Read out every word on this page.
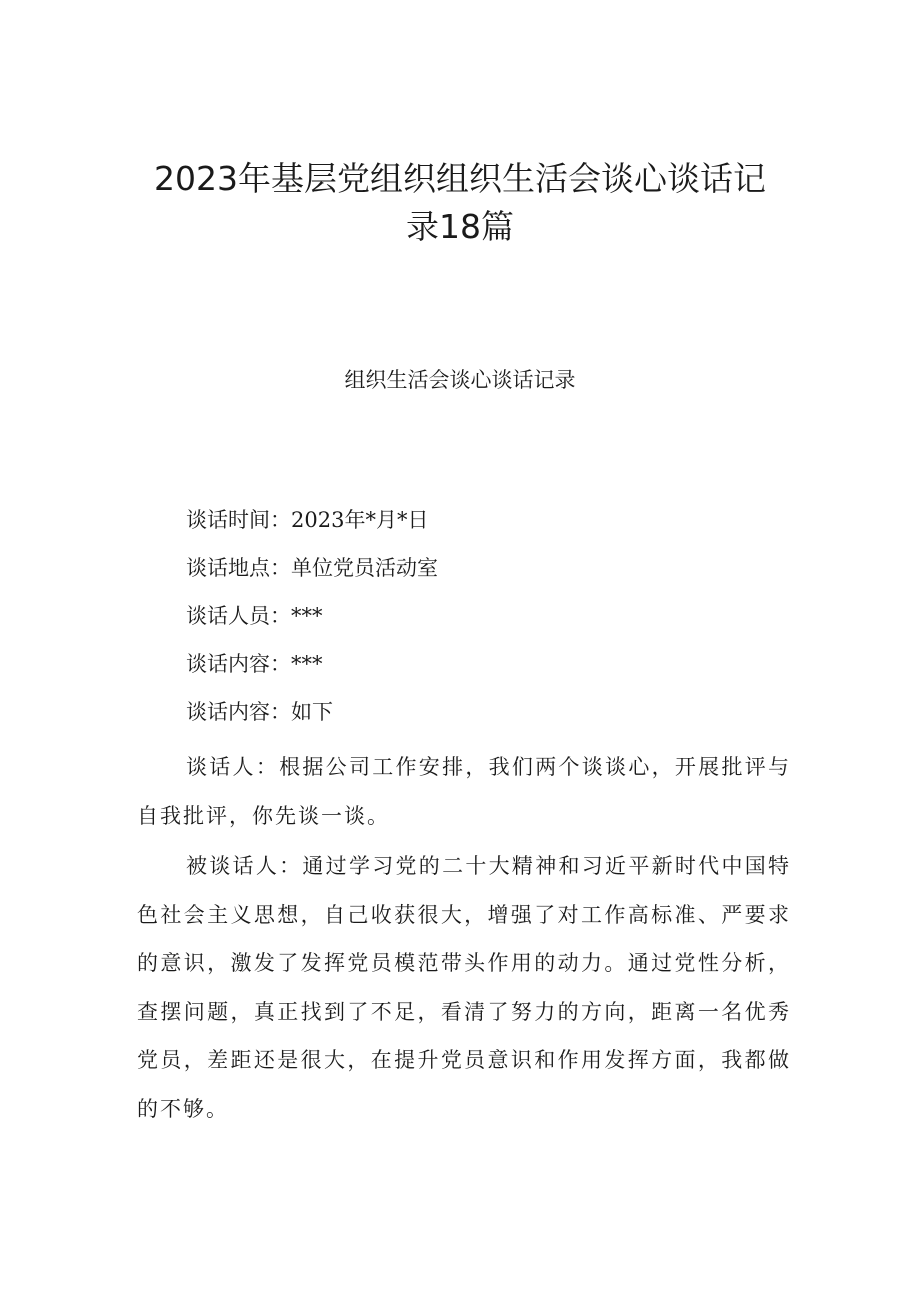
2023年基层党组织组织生活会谈心谈话记
录18篇
组织生活会谈心谈话记录
谈话时间：2023年*月*日
谈话地点：单位党员活动室
谈话人员：***
谈话内容：***
谈话内容：如下

谈话人：根据公司工作安排，我们两个谈谈心，开展批评与自我批评，你先谈一谈。

被谈话人：通过学习党的二十大精神和习近平新时代中国特色社会主义思想，自己收获很大，增强了对工作高标准、严要求的意识，激发了发挥党员模范带头作用的动力。通过党性分析，查摆问题，真正找到了不足，看清了努力的方向，距离一名优秀党员，差距还是很大，在提升党员意识和作用发挥方面，我都做的不够。
